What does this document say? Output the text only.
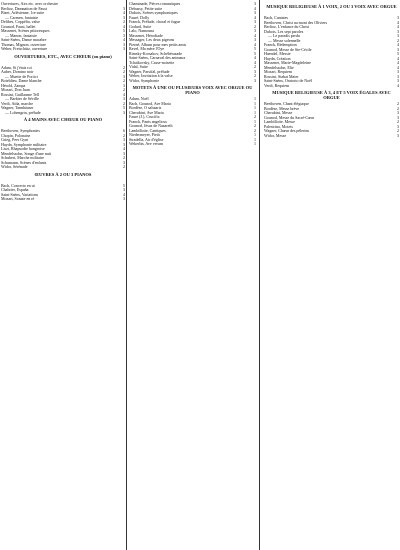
Ouvertures, Airs etc. avec orchestre
Berlioz, Damnation de Faust	3
Bizet, Arlésienne, 1re suite	4
— Carmen, fantaisie	3
Delibes, Coppélia, valse	2
Gounod, Faust, ballet	4
Massenet, Scènes pittoresques	5
— Manon, fantaisie	3
Saint-Saëns, Danse macabre	4
Thomas, Mignon, ouverture	3
Weber, Freischütz, ouverture	3
OUVERTURES, ETC., AVEC CHŒUR (ou piano)
Adam, Si j'étais roi	2
Auber, Domino noir	2
— Muette de Portici	3
Boieldieu, Dame blanche	2
Hérold, Zampa	3
Mozart, Don Juan	2
Rossini, Guillaume Tell	4
— Barbier de Séville	3
Verdi, Aïda, marche	2
Wagner, Tannhäuser	5
— Lohengrin, prélude	3
À 4 MAINS AVEC CHŒUR OU PIANO
Beethoven, Symphonies	6
Chopin, Polonaise	2
Grieg, Peer Gynt	3
Haydn, Symphonie militaire	3
Liszt, Rhapsodie hongroise	4
Mendelssohn, Songe d'une nuit	3
Schubert, Marche militaire	2
Schumann, Scènes d'enfants	3
Widor, Sérénade	2
ŒUVRES À 2 OU 3 PIANOS
Bach, Concerto en ut	5
Chabrier, España	3
Saint-Saëns, Variations	4
Mozart, Sonate en ré	3
Chaminade, Pièces romantiques	3
Debussy, Petite suite	4
Dubois, Scènes symphoniques	3
Fauré, Dolly	4
Franck, Prélude, choral et fugue	3
Godard, Suite	2
Lalo, Namouna	3
Massenet, Hérodiade	4
Messager, Les deux pigeons	3
Pierné, Album pour mes petits amis	4
Ravel, Ma mère l'Oye	5
Rimsky-Korsakov, Schéhérazade	5
Saint-Saëns, Carnaval des animaux	4
Tchaïkovsky, Casse-noisette	4
Vidal, Suite	2
Wagner, Parsifal, prélude	3
Weber, Invitation à la valse	2
Widor, Symphonie	3
MOTETS À UNE OU PLUSIEURS VOIX AVEC ORGUE OU PIANO
Adam, Noël	1
Bach, Gounod, Ave Maria	1
Bordèse, O salutaris	1
Cherubini, Ave Maria	1
Faure (J.), Crucifix	2
Franck, Panis angelicus	1
Gounod, Jésus de Nazareth	2
Lambillotte, Cantiques	2
Niedermeyer, Pietà	1
Stradella, Air d'église	1
Wekerlin, Ave verum	1
MUSIQUE RELIGIEUSE À 1 VOIX, 2 OU 3 VOIX AVEC ORGUE
Bach, Cantates	3
Beethoven, Christ au mont des Oliviers	4
Berlioz, L'enfance du Christ	4
Dubois, Les sept paroles	3
— Le paradis perdu	3
— Messe solennelle	2
Franck, Rédemption	4
Gounod, Messe de Ste-Cécile	3
Haendel, Messie	5
Haydn, Création	4
Massenet, Marie-Magdeleine	4
Mendelssohn, Elie	4
Mozart, Requiem	3
Rossini, Stabat Mater	3
Saint-Saëns, Oratorio de Noël	3
Verdi, Requiem	4
MUSIQUE RELIGIEUSE À 3, 4 ET 5 VOIX ÉGALES AVEC ORGUE
Beethoven, Chant élégiaque	2
Bordèse, Messe brève	2
Cherubini, Messe	3
Gounod, Messe du Sacré-Cœur	3
Lambillotte, Messe	2
Palestrina, Motets	3
Wagner, Chœur des pèlerins	2
Widor, Messe	3
